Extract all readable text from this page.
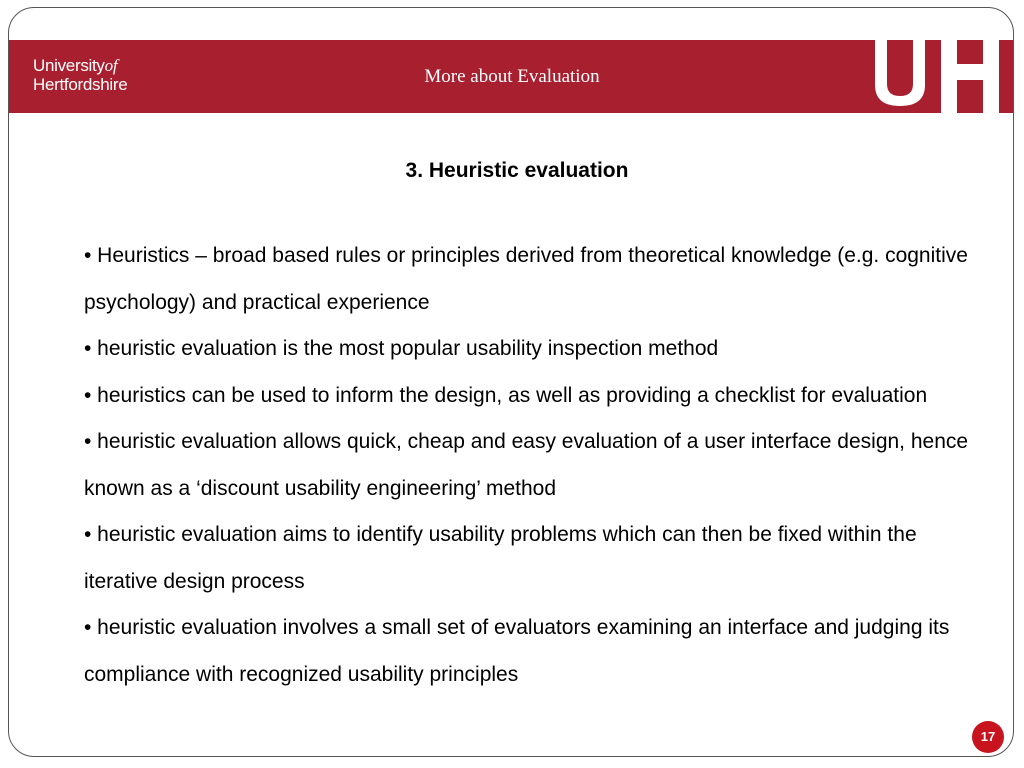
Universityof
Hertfordshire	More about Evaluation
3. Heuristic evaluation
• Heuristics – broad based rules or principles derived from theoretical knowledge (e.g. cognitive psychology) and practical experience
• heuristic evaluation is the most popular usability inspection method
• heuristics can be used to inform the design, as well as providing a checklist for evaluation
• heuristic evaluation allows quick, cheap and easy evaluation of a user interface design, hence known as a ‘discount usability engineering’ method
• heuristic evaluation aims to identify usability problems which can then be fixed within the iterative design process
• heuristic evaluation involves a small set of evaluators examining an interface and judging its compliance with recognized usability principles
17
